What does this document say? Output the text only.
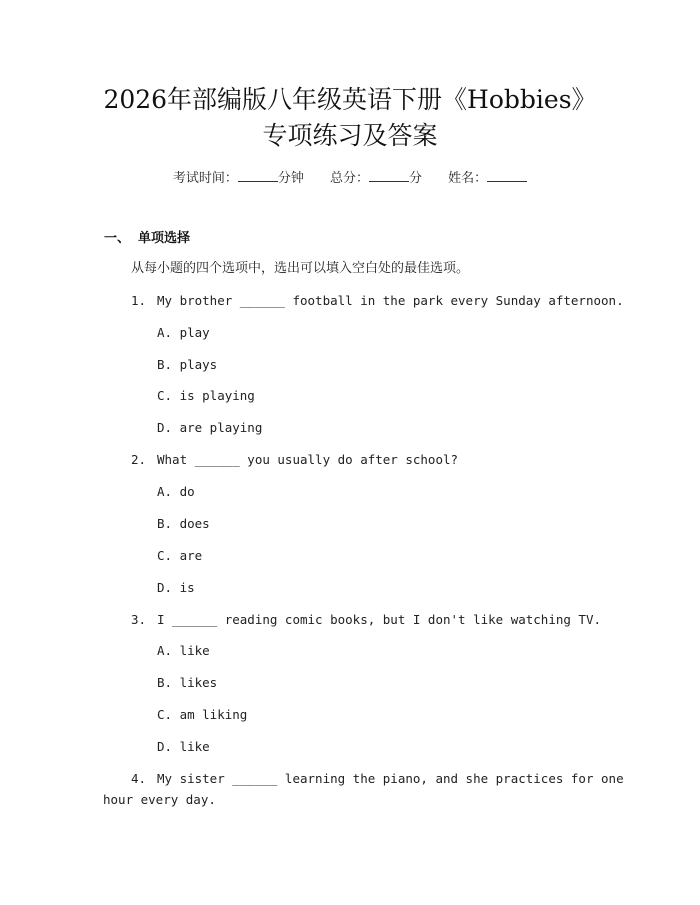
2026年部编版八年级英语下册《Hobbies》
专项练习及答案
考试时间：	分钟 总分：	分 姓名：
一、 单项选择
从每小题的四个选项中，选出可以填入空白处的最佳选项。
1. My brother ______ football in the park every Sunday afternoon.
A. play
B. plays
C. is playing
D. are playing
2. What ______ you usually do after school?
A. do
B. does
C. are
D. is
3. I ______ reading comic books, but I don't like watching TV.
A. like
B. likes
C. am liking
D. like
4. My sister ______ learning the piano, and she practices for one
hour every day.
